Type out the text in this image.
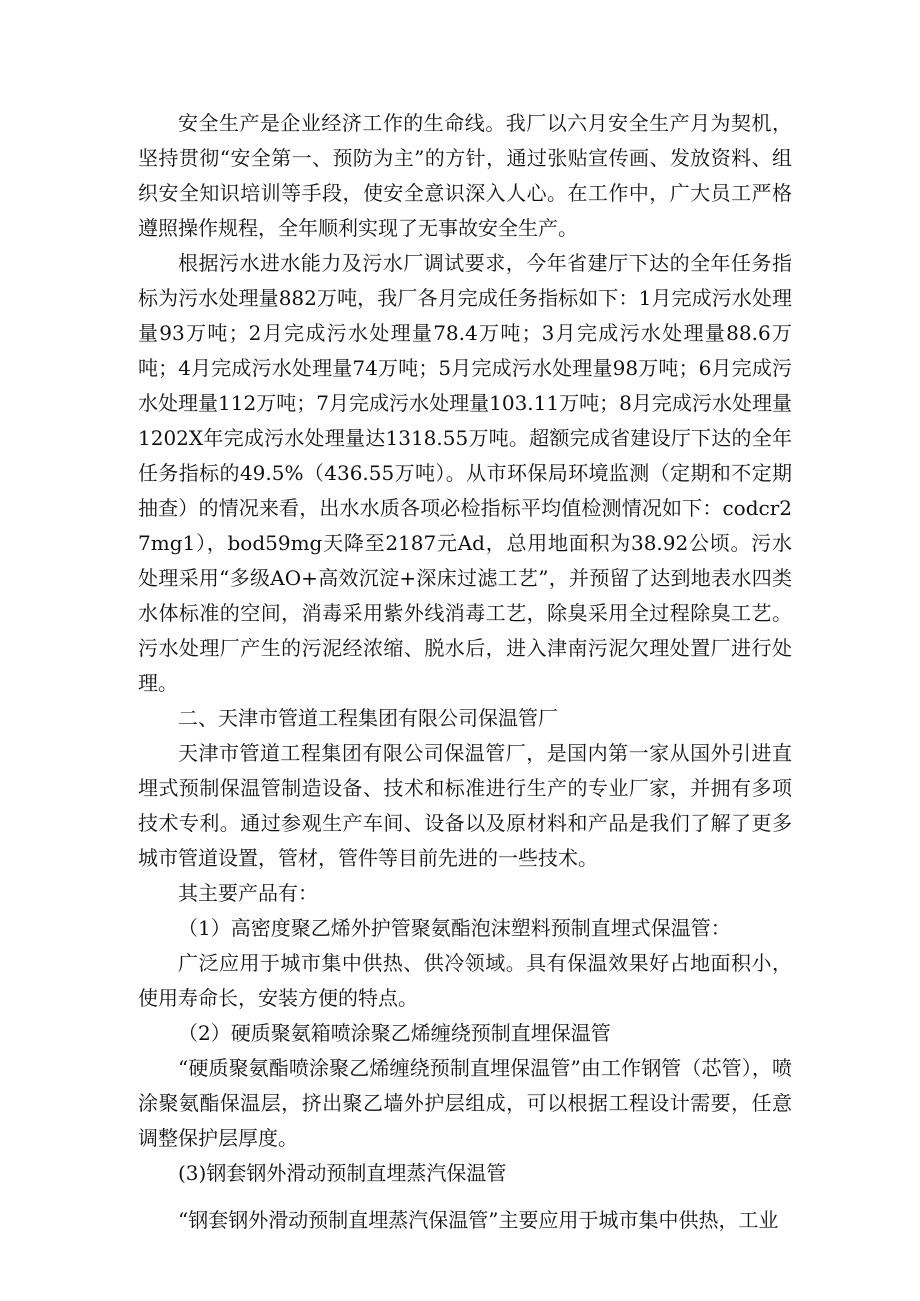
安全生产是企业经济工作的生命线。我厂以六月安全生产月为契机，坚持贯彻“安全第一、预防为主”的方针，通过张贴宣传画、发放资料、组织安全知识培训等手段，使安全意识深入人心。在工作中，广大员工严格遵照操作规程，全年顺利实现了无事故安全生产。

根据污水进水能力及污水厂调试要求，今年省建厅下达的全年任务指标为污水处理量882万吨，我厂各月完成任务指标如下：1月完成污水处理量93万吨；2月完成污水处理量78.4万吨；3月完成污水处理量88.6万吨；4月完成污水处理量74万吨；5月完成污水处理量98万吨；6月完成污水处理量112万吨；7月完成污水处理量103.11万吨；8月完成污水处理量1202X年完成污水处理量达1318.55万吨。超额完成省建设厅下达的全年任务指标的49.5%（436.55万吨）。从市环保局环境监测（定期和不定期抽查）的情况来看，出水水质各项必检指标平均值检测情况如下：codcr27mg1），bod59mg天降至2187元Ad，总用地面积为38.92公顷。污水处理采用“多级AO+高效沉淀+深床过滤工艺”，并预留了达到地表水四类水体标准的空间，消毒采用紫外线消毒工艺，除臭采用全过程除臭工艺。污水处理厂产生的污泥经浓缩、脱水后，进入津南污泥欠理处置厂进行处理。

二、天津市管道工程集团有限公司保温管厂

天津市管道工程集团有限公司保温管厂，是国内第一家从国外引进直埋式预制保温管制造设备、技术和标准进行生产的专业厂家，并拥有多项技术专利。通过参观生产车间、设备以及原材料和产品是我们了解了更多城市管道设置，管材，管件等目前先进的一些技术。

其主要产品有：

（1）高密度聚乙烯外护管聚氨酯泡沫塑料预制直埋式保温管：

广泛应用于城市集中供热、供冷领域。具有保温效果好占地面积小，使用寿命长，安装方便的特点。

（2）硬质聚氨箱喷涂聚乙烯缠绕预制直埋保温管

“硬质聚氨酯喷涂聚乙烯缠绕预制直埋保温管”由工作钢管（芯管），喷涂聚氨酯保温层，挤出聚乙墙外护层组成，可以根据工程设计需要，任意调整保护层厚度。

(3)钢套钢外滑动预制直埋蒸汽保温管

“钢套钢外滑动预制直埋蒸汽保温管”主要应用于城市集中供热，工业
